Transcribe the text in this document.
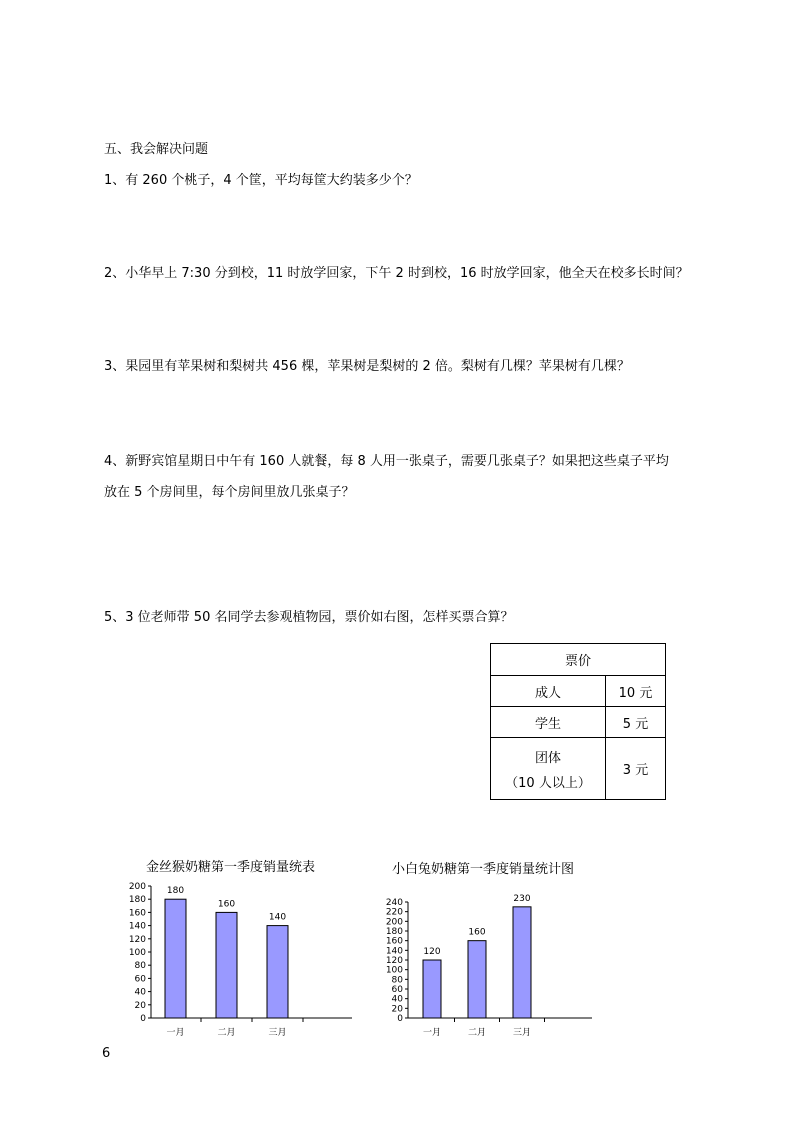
五、我会解决问题
1、有 260 个桃子，4 个筐，平均每筐大约装多少个？
2、小华早上 7:30 分到校，11 时放学回家，下午 2 时到校，16 时放学回家，他全天在校多长时间？
3、果园里有苹果树和梨树共 456 棵，苹果树是梨树的 2 倍。梨树有几棵？苹果树有几棵？
4、新野宾馆星期日中午有 160 人就餐，每 8 人用一张桌子，需要几张桌子？如果把这些桌子平均
放在 5 个房间里，每个房间里放几张桌子？
5、3 位老师带 50 名同学去参观植物园，票价如右图，怎样买票合算？
票价	
成人	10 元
学生	5 元
团体
（10 人以上）	3 元
金丝猴奶糖第一季度销量统表
0
20
40
60
80
100
120
140
160
180
200 180
一月
160
二月
140
三月
小白兔奶糖第一季度销量统计图
0
20
40
60
80
100
120
140
160
180
200
220
240
120
一月
160
二月
230
三月
6
